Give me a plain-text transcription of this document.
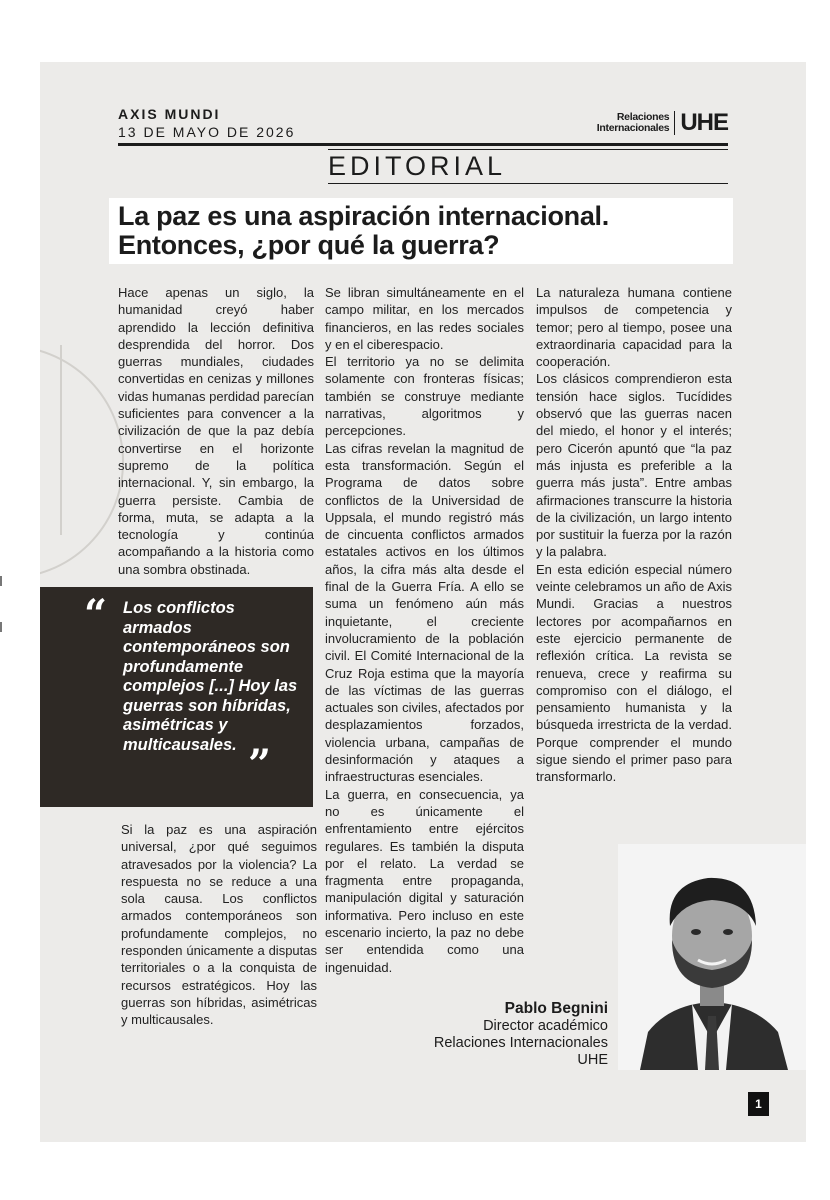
AXIS MUNDI
13 DE MAYO DE 2026
Relaciones
Internacionales UHE
EDITORIAL
La paz es una aspiración internacional.
Entonces, ¿por qué la guerra?

Hace apenas un siglo, la humanidad creyó haber aprendido la lección definitiva desprendida del horror. Dos guerras mundiales, ciudades convertidas en cenizas y millones vidas humanas perdidad parecían suficientes para convencer a la civilización de que la paz debía convertirse en el horizonte supremo de la política internacional. Y, sin embargo, la guerra persiste. Cambia de forma, muta, se adapta a la tecnología y continúa acompañando a la historia como una sombra obstinada.

“ Los conflictos armados contemporáneos son profundamente complejos [...] Hoy las guerras son híbridas, asimétricas y multicausales. ”

Si la paz es una aspiración universal, ¿por qué seguimos atravesados por la violencia? La respuesta no se reduce a una sola causa. Los conflictos armados contemporáneos son profundamente complejos, no responden únicamente a disputas territoriales o a la conquista de recursos estratégicos. Hoy las guerras son híbridas, asimétricas y multicausales.

Se libran simultáneamente en el campo militar, en los mercados financieros, en las redes sociales y en el ciberespacio.

El territorio ya no se delimita solamente con fronteras físicas; también se construye mediante narrativas, algoritmos y percepciones.

Las cifras revelan la magnitud de esta transformación. Según el Programa de datos sobre conflictos de la Universidad de Uppsala, el mundo registró más de cincuenta conflictos armados estatales activos en los últimos años, la cifra más alta desde el final de la Guerra Fría. A ello se suma un fenómeno aún más inquietante, el creciente involucramiento de la población civil. El Comité Internacional de la Cruz Roja estima que la mayoría de las víctimas de las guerras actuales son civiles, afectados por desplazamientos forzados, violencia urbana, campañas de desinformación y ataques a infraestructuras esenciales.

La guerra, en consecuencia, ya no es únicamente el enfrentamiento entre ejércitos regulares. Es también la disputa por el relato. La verdad se fragmenta entre propaganda, manipulación digital y saturación informativa. Pero incluso en este escenario incierto, la paz no debe ser entendida como una ingenuidad.

La naturaleza humana contiene impulsos de competencia y temor; pero al tiempo, posee una extraordinaria capacidad para la cooperación.

Los clásicos comprendieron esta tensión hace siglos. Tucídides observó que las guerras nacen del miedo, el honor y el interés; pero Cicerón apuntó que “la paz más injusta es preferible a la guerra más justa”. Entre ambas afirmaciones transcurre la historia de la civilización, un largo intento por sustituir la fuerza por la razón y la palabra.

En esta edición especial número veinte celebramos un año de Axis Mundi. Gracias a nuestros lectores por acompañarnos en este ejercicio permanente de reflexión crítica. La revista se renueva, crece y reafirma su compromiso con el diálogo, el pensamiento humanista y la búsqueda irrestricta de la verdad. Porque comprender el mundo sigue siendo el primer paso para transformarlo.

Pablo Begnini
Director académico
Relaciones Internacionales
UHE
1
